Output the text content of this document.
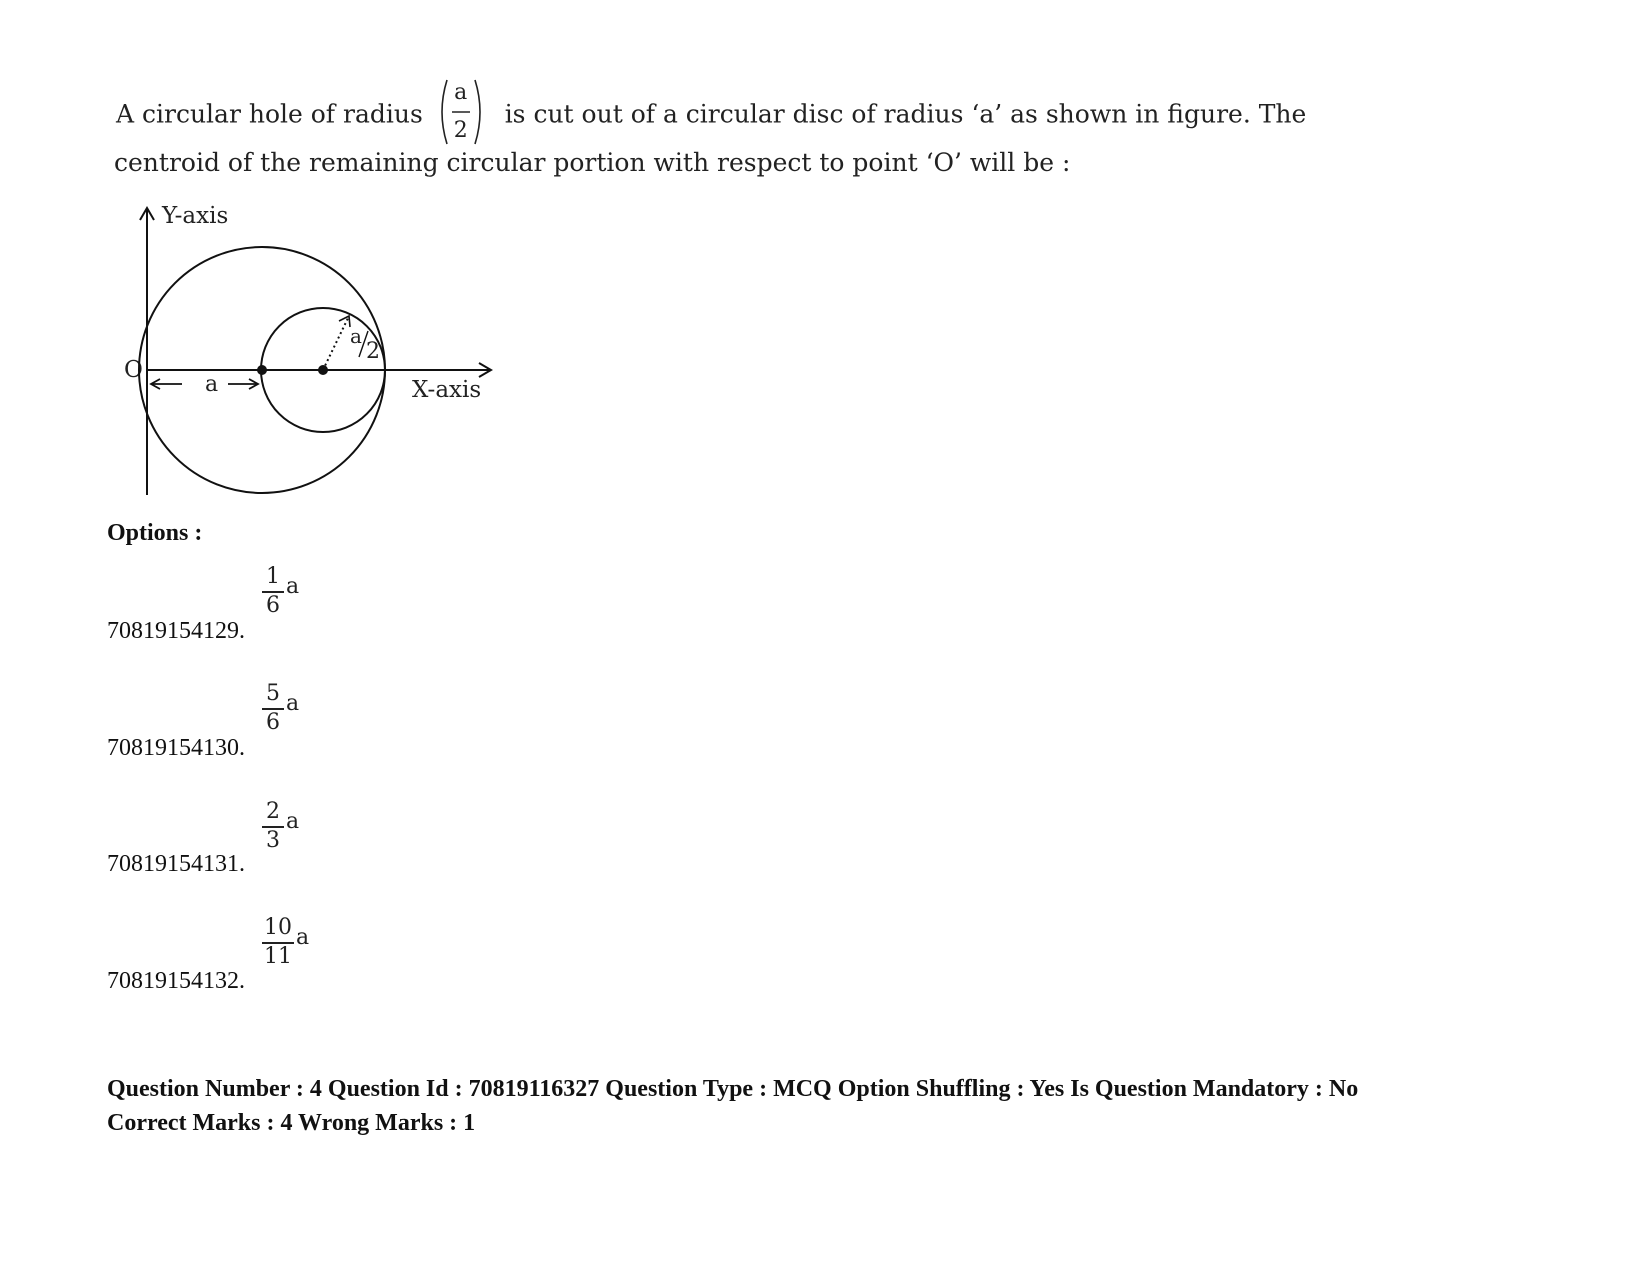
A circular hole of radius
a
2
is cut out of a circular disc of radius ‘a’ as shown in figure. The
centroid of the remaining circular portion with respect to point ‘O’ will be :
Y-axis
X-axis
O
a
a
2
Options :
70819154129.
1
6
a
70819154130.
5
6
a
70819154131.
2
3
a
70819154132.
10
11
a
Question Number : 4 Question Id : 70819116327 Question Type : MCQ Option Shuffling : Yes Is Question Mandatory : No
Correct Marks : 4 Wrong Marks : 1
